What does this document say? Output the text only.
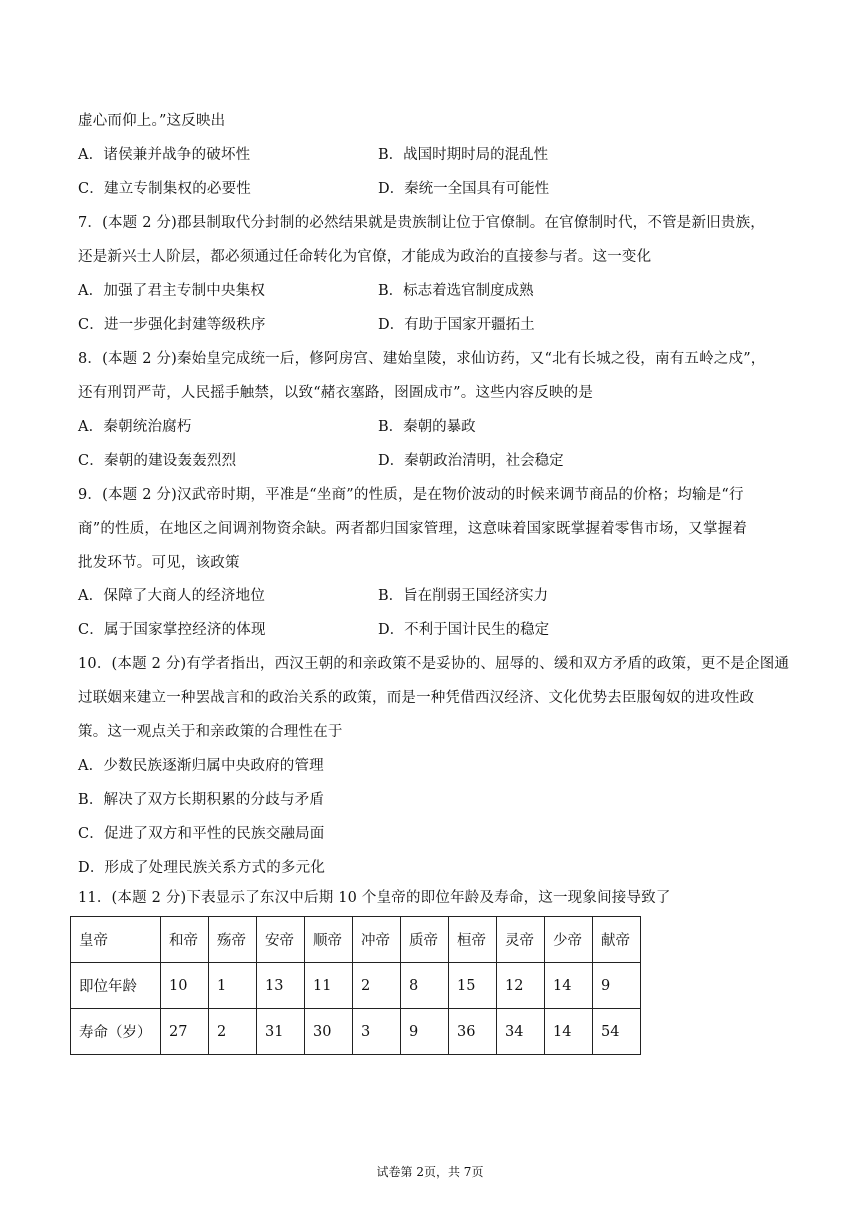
虚心而仰上。”这反映出
A．诸侯兼并战争的破坏性	B．战国时期时局的混乱性
C．建立专制集权的必要性	D．秦统一全国具有可能性
7．(本题 2 分)郡县制取代分封制的必然结果就是贵族制让位于官僚制。在官僚制时代，不管是新旧贵族，
还是新兴士人阶层，都必须通过任命转化为官僚，才能成为政治的直接参与者。这一变化
A．加强了君主专制中央集权	B．标志着选官制度成熟
C．进一步强化封建等级秩序	D．有助于国家开疆拓土
8．(本题 2 分)秦始皇完成统一后，修阿房宫、建始皇陵，求仙访药，又“北有长城之役，南有五岭之戍”，
还有刑罚严苛，人民摇手触禁，以致“赭衣塞路，囹圄成市”。这些内容反映的是
A．秦朝统治腐朽	B．秦朝的暴政
C．秦朝的建设轰轰烈烈	D．秦朝政治清明，社会稳定
9．(本题 2 分)汉武帝时期，平准是“坐商”的性质，是在物价波动的时候来调节商品的价格；均输是“行
商”的性质，在地区之间调剂物资余缺。两者都归国家管理，这意味着国家既掌握着零售市场，又掌握着
批发环节。可见，该政策
A．保障了大商人的经济地位	B．旨在削弱王国经济实力
C．属于国家掌控经济的体现	D．不利于国计民生的稳定
10．(本题 2 分)有学者指出，西汉王朝的和亲政策不是妥协的、屈辱的、缓和双方矛盾的政策，更不是企图通
过联姻来建立一种罢战言和的政治关系的政策，而是一种凭借西汉经济、文化优势去臣服匈奴的进攻性政
策。这一观点关于和亲政策的合理性在于
A．少数民族逐渐归属中央政府的管理
B．解决了双方长期积累的分歧与矛盾
C．促进了双方和平性的民族交融局面
D．形成了处理民族关系方式的多元化
11．(本题 2 分)下表显示了东汉中后期 10 个皇帝的即位年龄及寿命，这一现象间接导致了
皇帝	和帝	殇帝	安帝	顺帝	冲帝	质帝	桓帝	灵帝	少帝	献帝
即位年龄	10	1	13	11	2	8	15	12	14	9
寿命（岁）	27	2	31	30	3	9	36	34	14	54
试卷第 2页，共 7页
